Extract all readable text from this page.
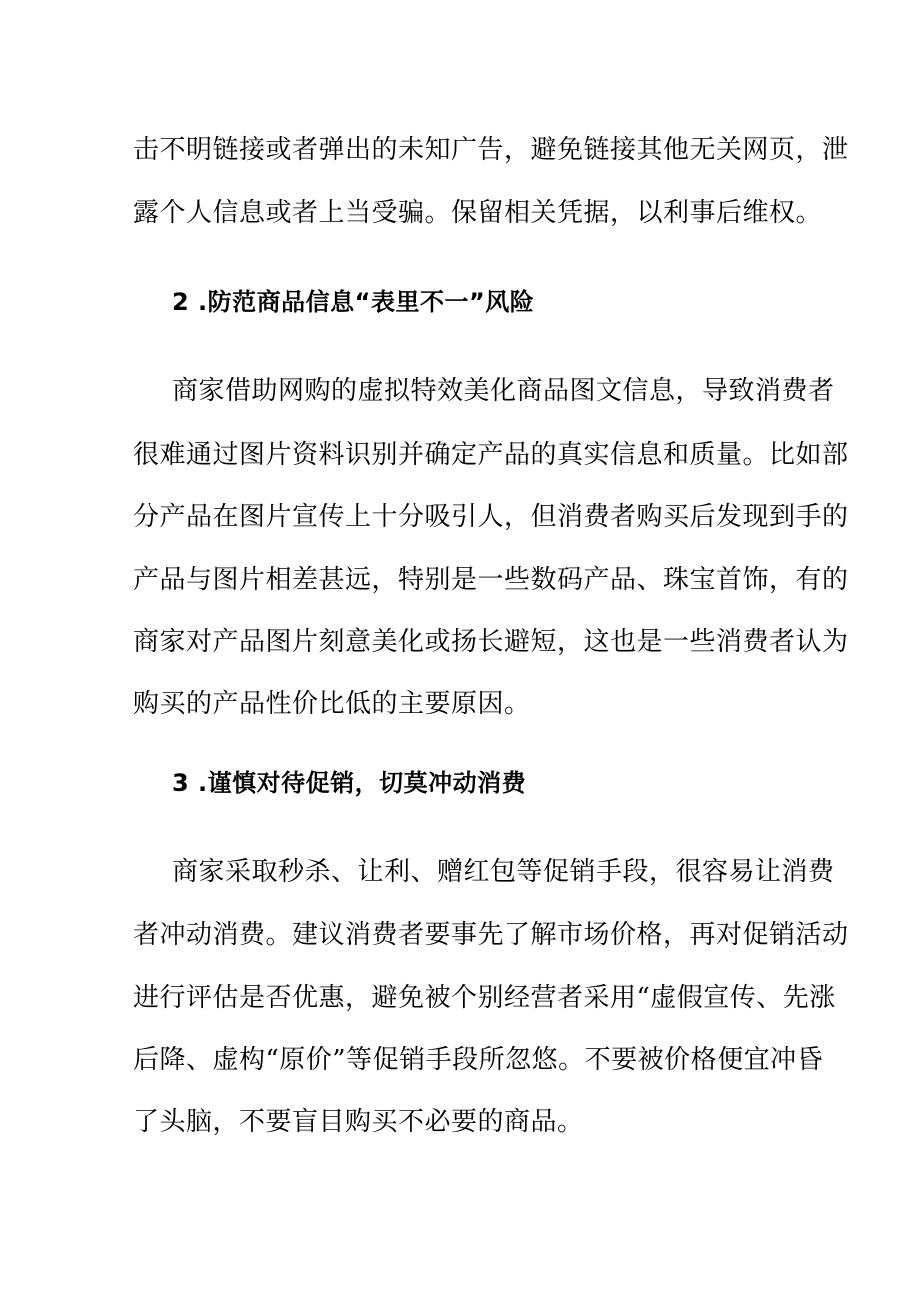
击不明链接或者弹出的未知广告，避免链接其他无关网页，泄
露个人信息或者上当受骗。保留相关凭据，以利事后维权。
2 .防范商品信息“表里不一”风险
商家借助网购的虚拟特效美化商品图文信息，导致消费者
很难通过图片资料识别并确定产品的真实信息和质量。比如部
分产品在图片宣传上十分吸引人，但消费者购买后发现到手的
产品与图片相差甚远，特别是一些数码产品、珠宝首饰，有的
商家对产品图片刻意美化或扬长避短，这也是一些消费者认为
购买的产品性价比低的主要原因。
3 .谨慎对待促销，切莫冲动消费
商家采取秒杀、让利、赠红包等促销手段，很容易让消费
者冲动消费。建议消费者要事先了解市场价格，再对促销活动
进行评估是否优惠，避免被个别经营者采用“虚假宣传、先涨
后降、虚构“原价”等促销手段所忽悠。不要被价格便宜冲昏
了头脑，不要盲目购买不必要的商品。
